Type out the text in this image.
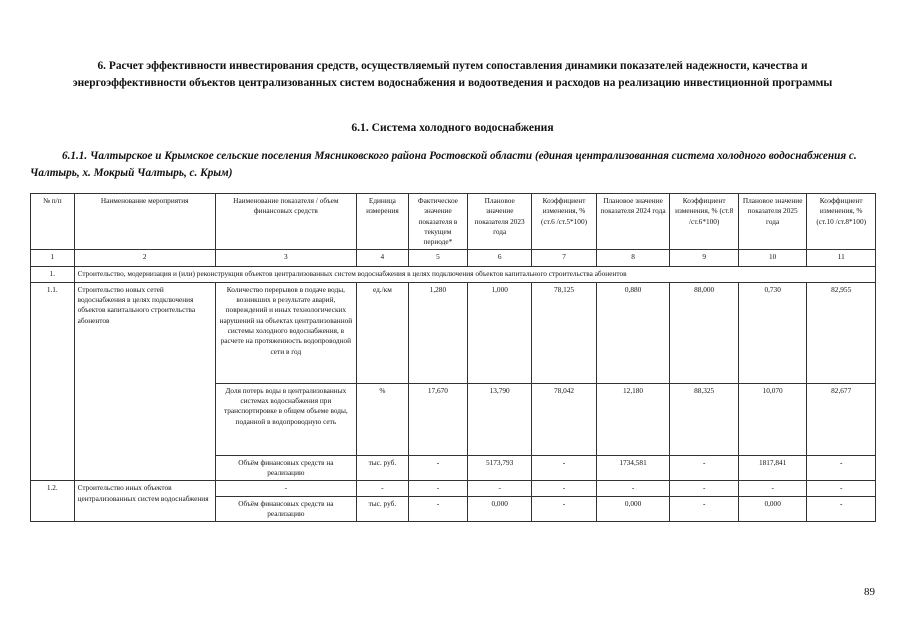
6. Расчет эффективности инвестирования средств, осуществляемый путем сопоставления динамики показателей надежности, качества и энергоэффективности объектов централизованных систем водоснабжения и водоотведения и расходов на реализацию инвестиционной программы
6.1. Система холодного водоснабжения
6.1.1. Чалтырское и Крымское сельские поселения Мясниковского района Ростовской области (единая централизованная система холодного водоснабжения с. Чалтырь, х. Мокрый Чалтырь, с. Крым)
№ п/п	Наименование мероприятия	Наименование показателя / объем финансовых средств	Единица измерения	Фактическое значение показателя в текущем периоде*	Плановое значение показателя 2023 года	Коэффициент изменения, % (ст.6 /ст.5*100)	Плановое значение показателя 2024 года	Коэффициент изменения, % (ст.8 /ст.6*100)	Плановое значение показателя 2025 года	Коэффициент изменения, % (ст.10 /ст.8*100)
1	2	3	4	5	6	7	8	9	10	11
1.	Строительство, модернизация и (или) реконструкция объектов централизованных систем водоснабжения в целях подключения объектов капитального строительства абонентов									
1.1.	Строительство новых сетей водоснабжения в целях подключения объектов капитального строительства абонентов	Количество перерывов в подаче воды, возникших в результате аварий, повреждений и иных технологических нарушений на объектах централизованной системы холодного водоснабжения, в расчете на протяженность водопроводной сети в год	ед./км	1,280	1,000	78,125	0,880	88,000	0,730	82,955
		Доля потерь воды в централизованных системах водоснабжения при транспортировке в общем объеме воды, поданной в водопроводную сеть	%	17,670	13,790	78,042	12,180	88,325	10,070	82,677
		Объём финансовых средств на реализацию	тыс. руб.	-	5173,793	-	1734,581	-	1817,841	-
1.2.	Строительство иных объектов централизованных систем водоснабжения	-	-	-	-	-	-	-	-	-
		Объём финансовых средств на реализацию	тыс. руб.	-	0,000	-	0,000	-	0,000	-
89
